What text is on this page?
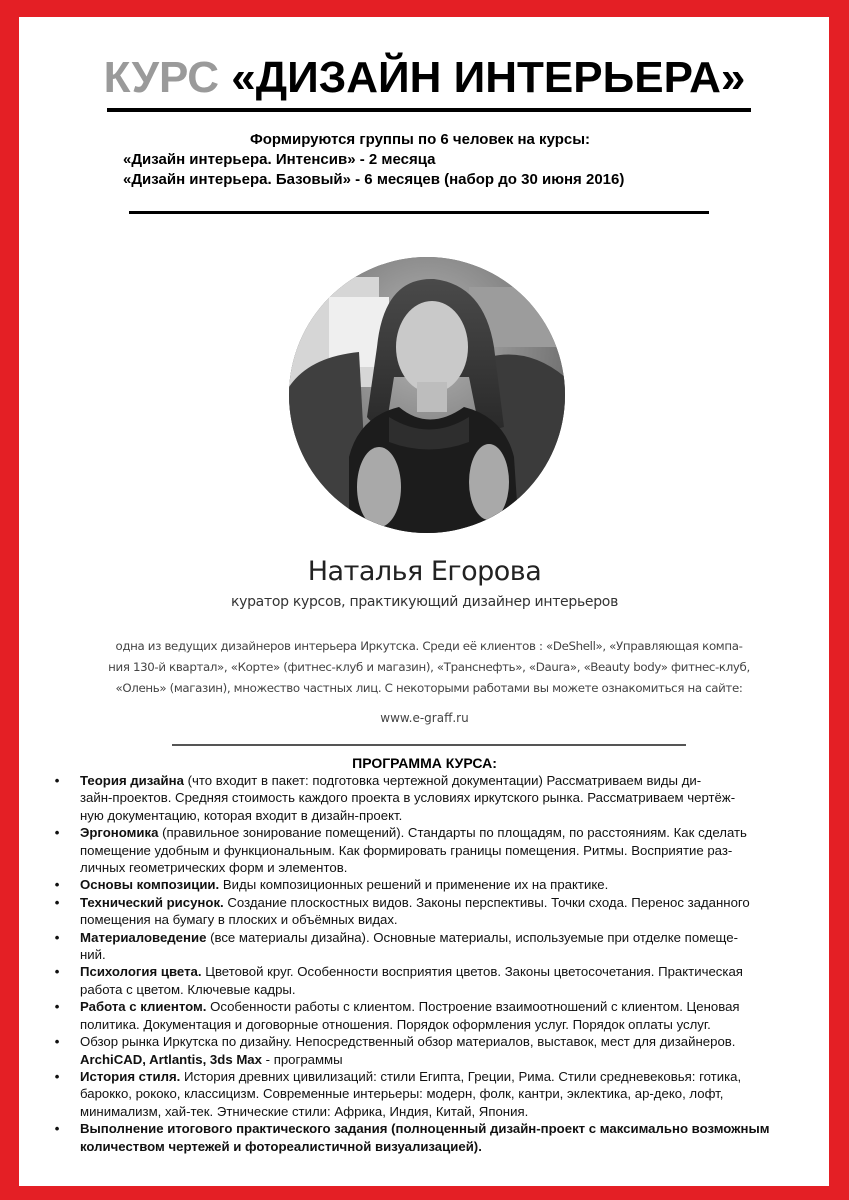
КУРС «ДИЗАЙН ИНТЕРЬЕРА»
Формируются группы по 6 человек на курсы:
«Дизайн интерьера. Интенсив» - 2 месяца
«Дизайн интерьера. Базовый» - 6 месяцев (набор до 30 июня 2016)
Наталья Егорова
куратор курсов, практикующий дизайнер интерьеров
одна из ведущих дизайнеров интерьера Иркутска. Среди её клиентов : «DeShell», «Управляющая компа-
ния 130-й квартал», «Корте» (фитнес-клуб и магазин), «Транснефть», «Daura», «Beauty body» фитнес-клуб,
«Олень» (магазин), множество частных лиц. С некоторыми работами вы можете ознакомиться на сайте:
www.e-graff.ru
ПРОГРАММА КУРСА:
• Теория дизайна (что входит в пакет: подготовка чертежной документации) Рассматриваем виды ди-
зайн-проектов. Средняя стоимость каждого проекта в условиях иркутского рынка. Рассматриваем чертёж-
ную документацию, которая входит в дизайн-проект.
• Эргономика (правильное зонирование помещений). Стандарты по площадям, по расстояниям. Как сделать
помещение удобным и функциональным. Как формировать границы помещения. Ритмы. Восприятие раз-
личных геометрических форм и элементов.
• Основы композиции. Виды композиционных решений и применение их на практике.
• Технический рисунок. Создание плоскостных видов. Законы перспективы. Точки схода. Перенос заданного
помещения на бумагу в плоских и объёмных видах.
• Материаловедение (все материалы дизайна). Основные материалы, используемые при отделке помеще-
ний.
• Психология цвета. Цветовой круг. Особенности восприятия цветов. Законы цветосочетания. Практическая
работа с цветом. Ключевые кадры.
• Работа с клиентом. Особенности работы с клиентом. Построение взаимоотношений с клиентом. Ценовая
политика. Документация и договорные отношения. Порядок оформления услуг. Порядок оплаты услуг.
• Обзор рынка Иркутска по дизайну. Непосредственный обзор материалов, выставок, мест для дизайнеров.
ArchiCAD, Artlantis, 3ds Max - программы
• История стиля. История древних цивилизаций: стили Египта, Греции, Рима. Стили средневековья: готика,
барокко, рококо, классицизм. Современные интерьеры: модерн, фолк, кантри, эклектика, ар-деко, лофт,
минимализм, хай-тек. Этнические стили: Африка, Индия, Китай, Япония.
• Выполнение итогового практического задания (полноценный дизайн-проект с максимально возможным
количеством чертежей и фотореалистичной визуализацией).
